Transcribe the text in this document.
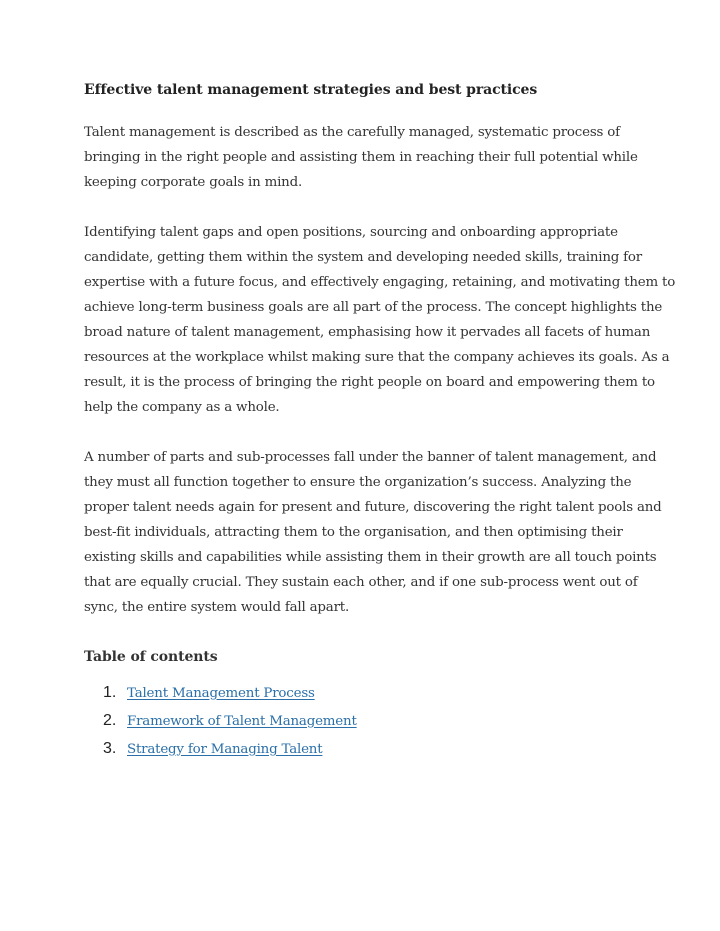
Effective talent management strategies and best practices

Talent management is described as the carefully managed, systematic process of
bringing in the right people and assisting them in reaching their full potential while
keeping corporate goals in mind.

Identifying talent gaps and open positions, sourcing and onboarding appropriate
candidate, getting them within the system and developing needed skills, training for
expertise with a future focus, and effectively engaging, retaining, and motivating them to
achieve long-term business goals are all part of the process. The concept highlights the
broad nature of talent management, emphasising how it pervades all facets of human
resources at the workplace whilst making sure that the company achieves its goals. As a
result, it is the process of bringing the right people on board and empowering them to
help the company as a whole.

A number of parts and sub-processes fall under the banner of talent management, and
they must all function together to ensure the organization’s success. Analyzing the
proper talent needs again for present and future, discovering the right talent pools and
best-fit individuals, attracting them to the organisation, and then optimising their
existing skills and capabilities while assisting them in their growth are all touch points
that are equally crucial. They sustain each other, and if one sub-process went out of
sync, the entire system would fall apart.

Table of contents
1. Talent Management Process
2. Framework of Talent Management
3. Strategy for Managing Talent
